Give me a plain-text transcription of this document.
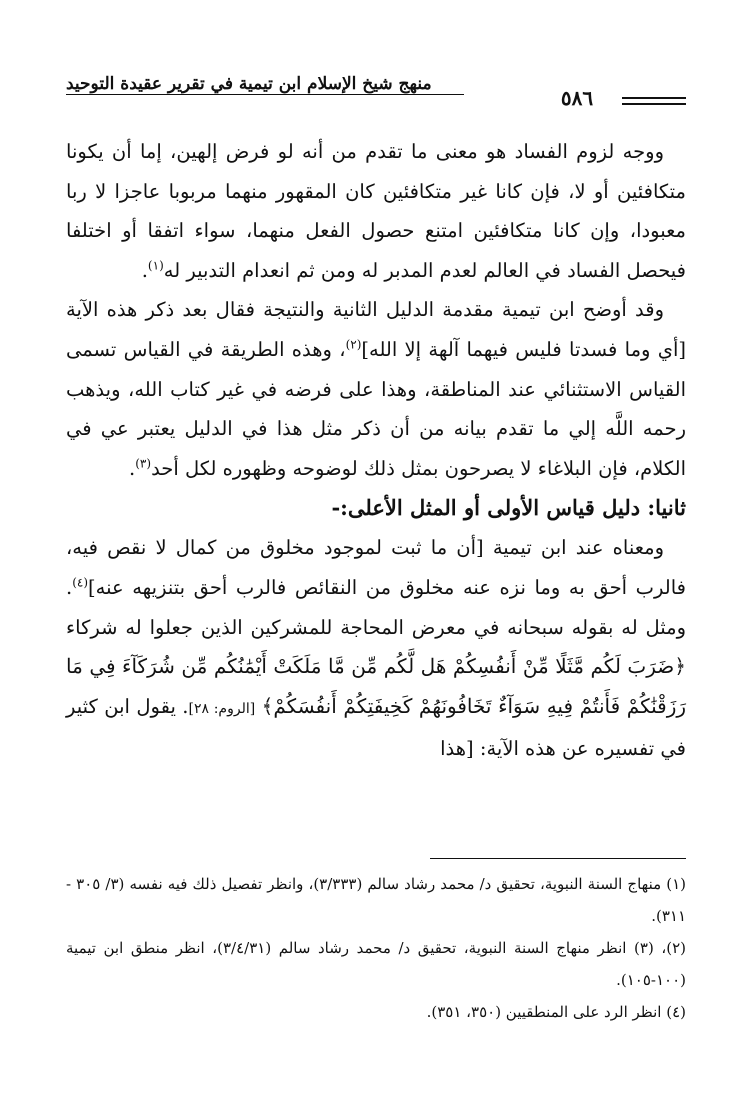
منهج شيخ الإسلام ابن تيمية في تقرير عقيدة التوحيد
٥٨٦

ووجه لزوم الفساد هو معنى ما تقدم من أنه لو فرض إلهين، إما أن يكونا متكافئين أو لا، فإن كانا غير متكافئين كان المقهور منهما مربوبا عاجزا لا ربا معبودا، وإن كانا متكافئين امتنع حصول الفعل منهما، سواء اتفقا أو اختلفا فيحصل الفساد في العالم لعدم المدبر له ومن ثم انعدام التدبير له$^{(١)}$.

وقد أوضح ابن تيمية مقدمة الدليل الثانية والنتيجة فقال بعد ذكر هذه الآية [أي وما فسدتا فليس فيهما آلهة إلا الله]$^{(٢)}$، وهذه الطريقة في القياس تسمى القياس الاستثنائي عند المناطقة، وهذا على فرضه في غير كتاب الله، ويذهب رحمه اللَّه إلي ما تقدم بيانه من أن ذكر مثل هذا في الدليل يعتبر عي في الكلام، فإن البلاغاء لا يصرحون بمثل ذلك لوضوحه وظهوره لكل أحد$^{(٣)}$.

ثانيا: دليل قياس الأولى أو المثل الأعلى:-

ومعناه عند ابن تيمية [أن ما ثبت لموجود مخلوق من كمال لا نقص فيه، فالرب أحق به وما نزه عنه مخلوق من النقائص فالرب أحق بتنزيهه عنه]$^{(٤)}$. ومثل له بقوله سبحانه في معرض المحاجة للمشركين الذين جعلوا له شركاء ﴿ضَرَبَ لَكُم مَّثَلًا مِّنْ أَنفُسِكُمْ هَل لَّكُم مِّن مَّا مَلَكَتْ أَيْمَٰنُكُم مِّن شُرَكَآءَ فِي مَا رَزَقْنَٰكُمْ فَأَنتُمْ فِيهِ سَوَآءٌ تَخَافُونَهُمْ كَخِيفَتِكُمْ أَنفُسَكُمْ﴾ [الروم: ٢٨]. يقول ابن كثير في تفسيره عن هذه الآية: [هذا

(١) منهاج السنة النبوية، تحقيق د/ محمد رشاد سالم (٣/٣٣٣)، وانظر تفصيل ذلك فيه نفسه (٣/ ٣٠٥ - ٣١١).

(٢)، (٣) انظر منهاج السنة النبوية، تحقيق د/ محمد رشاد سالم (٣/٤/٣١)، انظر منطق ابن تيمية (١٠٠-١٠٥).

(٤) انظر الرد على المنطقيين (٣٥٠، ٣٥١).
